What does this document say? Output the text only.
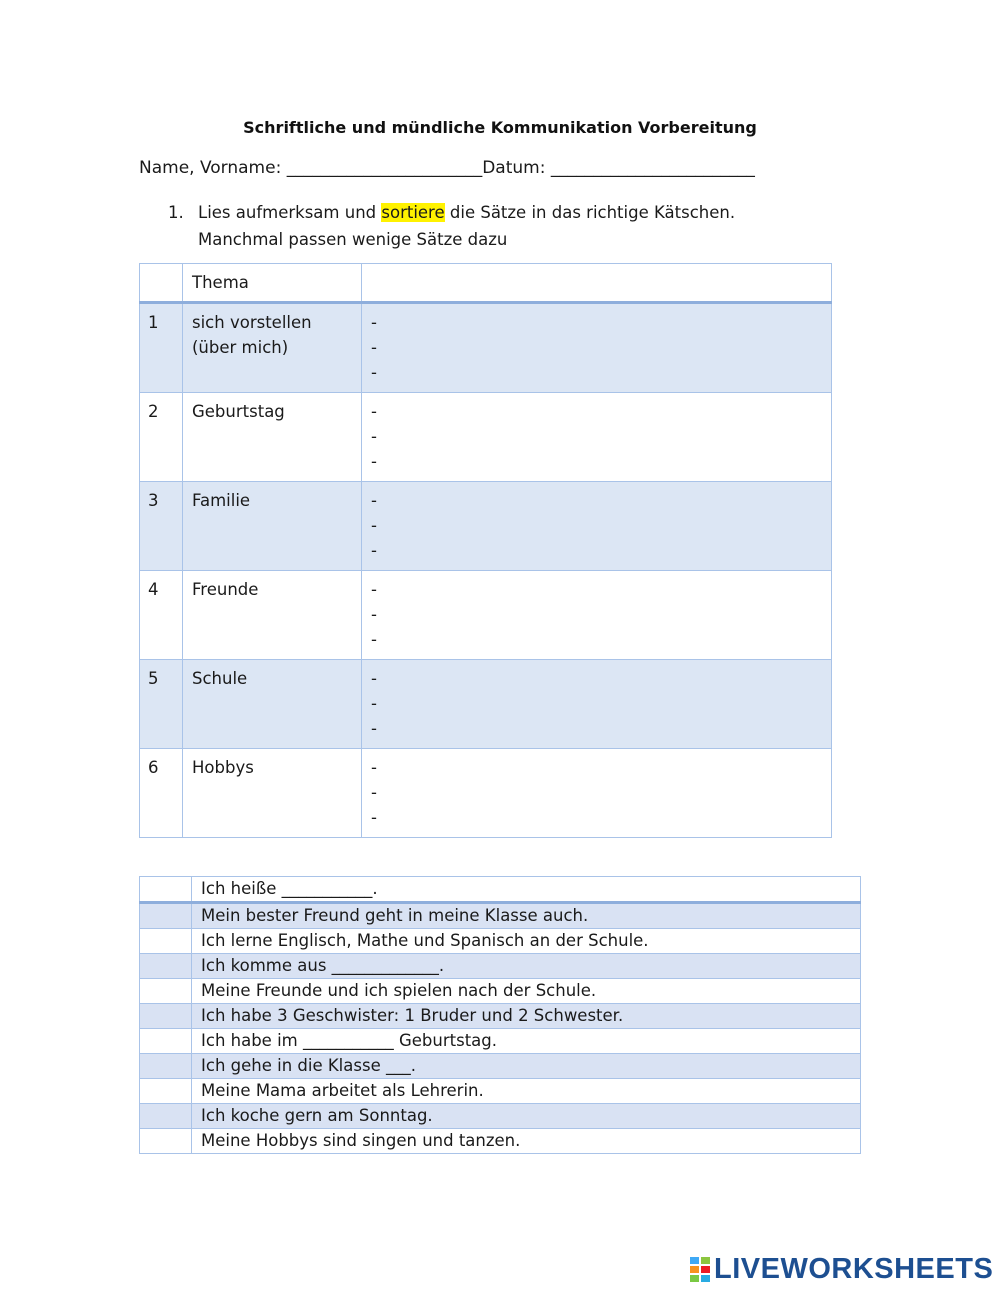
Schriftliche und mündliche Kommunikation Vorbereitung
Name, Vorname: _______________________Datum: ________________________
1. Lies aufmerksam und sortiere die Sätze in das richtige Kätschen.
Manchmal passen wenige Sätze dazu
	Thema	
1	sich vorstellen (über mich)	-
-
-

2	Geburtstag	-
-
-

3	Familie	-
-
-

4	Freunde	-
-
-

5	Schule	-
-
-

6	Hobbys	-
-
-
	Ich heiße ___________.
	Mein bester Freund geht in meine Klasse auch.
	Ich lerne Englisch, Mathe und Spanisch an der Schule.
	Ich komme aus _____________.
	Meine Freunde und ich spielen nach der Schule.
	Ich habe 3 Geschwister: 1 Bruder und 2 Schwester.
	Ich habe im ___________ Geburtstag.
	Ich gehe in die Klasse ___.
	Meine Mama arbeitet als Lehrerin.
	Ich koche gern am Sonntag.
	Meine Hobbys sind singen und tanzen.
LIVEWORKSHEETS
